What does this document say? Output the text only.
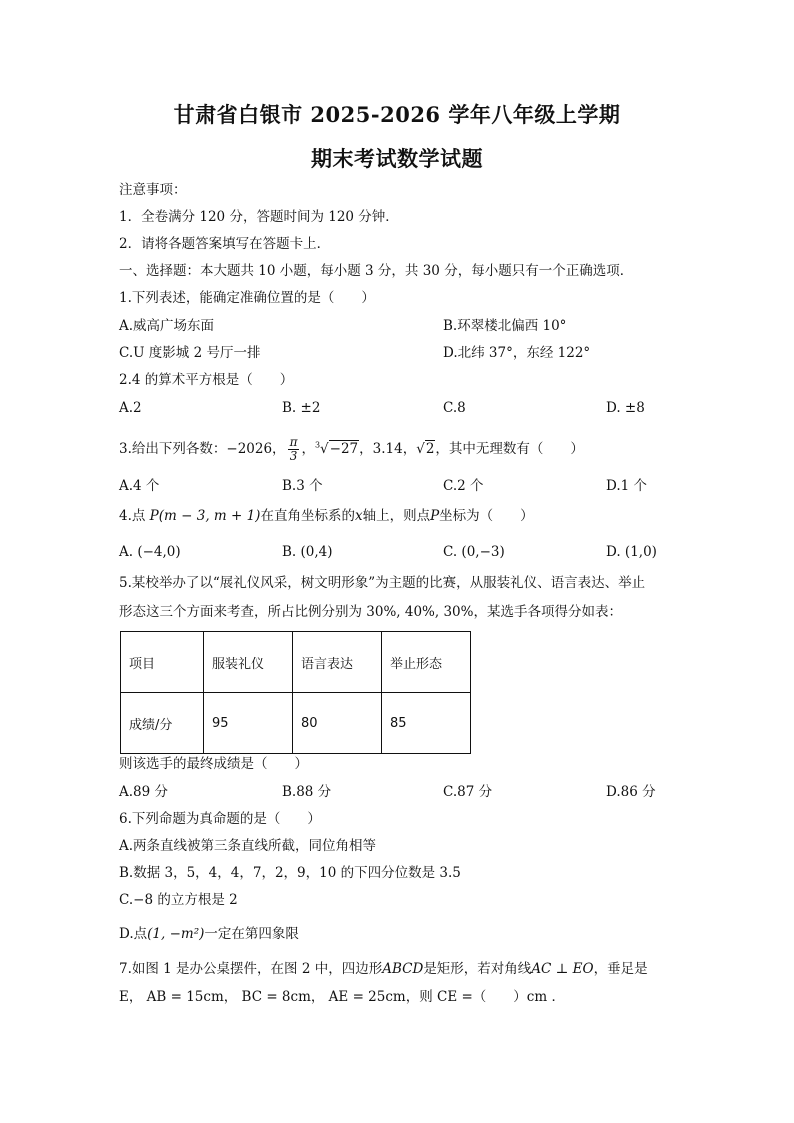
甘肃省白银市 2025-2026 学年八年级上学期
期末考试数学试题
注意事项：
1．全卷满分 120 分，答题时间为 120 分钟．
2．请将各题答案填写在答题卡上．
一、选择题：本大题共 10 小题，每小题 3 分，共 30 分，每小题只有一个正确选项．
1.下列表述，能确定准确位置的是（　　）
A.威高广场东面	B.环翠楼北偏西 10°
C.U 度影城 2 号厅一排	D.北纬 37°，东经 122°
2.4 的算术平方根是（　　）
A.2	B. ±2	C.8	D. ±8
3.给出下列各数：−2026， $\frac{\pi}{3}$ ，$^3$√−27，3.14，√2，其中无理数有（　　）
A.4 个	B.3 个	C.2 个	D.1 个
4.点 P(m − 3, m + 1)在直角坐标系的x轴上，则点P坐标为（　　）
A. (−4,0)	B. (0,4)	C. (0,−3)	D. (1,0)
5.某校举办了以“展礼仪风采，树文明形象”为主题的比赛，从服装礼仪、语言表达、举止
形态这三个方面来考查，所占比例分别为 30%, 40%, 30%，某选手各项得分如表：
项目	服装礼仪	语言表达	举止形态
成绩/分	95	80	85
则该选手的最终成绩是（　　）
A.89 分	B.88 分	C.87 分	D.86 分
6.下列命题为真命题的是（　　）
A.两条直线被第三条直线所截，同位角相等
B.数据 3，5，4，4，7，2，9，10 的下四分位数是 3.5
C.−8 的立方根是 2
D.点(1, −m²)一定在第四象限
7.如图 1 是办公桌摆件，在图 2 中，四边形ABCD是矩形，若对角线AC ⊥ EO，垂足是
E， AB = 15cm， BC = 8cm， AE = 25cm，则 CE =（　　）cm ．
